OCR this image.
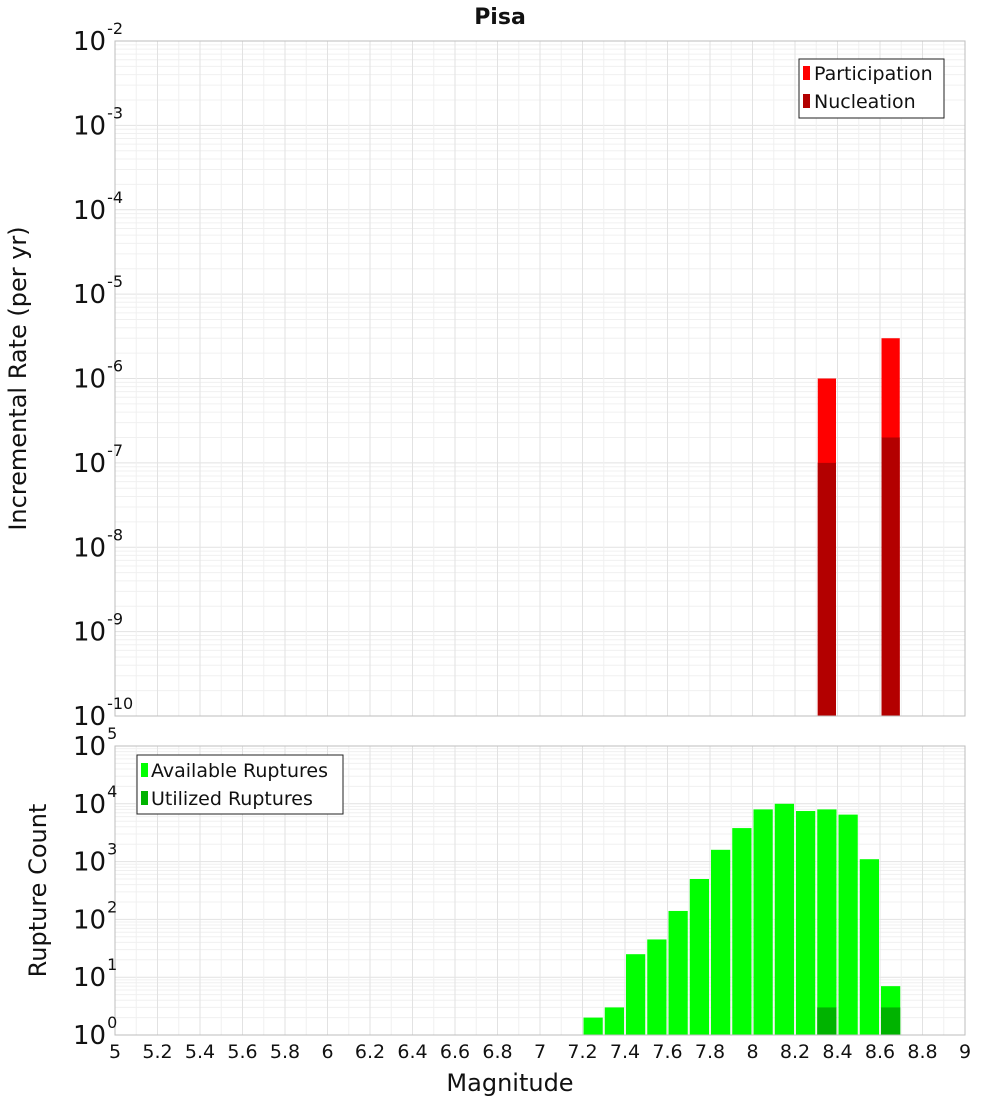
Pisa
$10^{-10}$
$10^{-9}$
$10^{-8}$
$10^{-7}$
$10^{-6}$
$10^{-5}$
$10^{-4}$
$10^{-3}$
$10^{-2}$
Incremental Rate (per yr)
Participation
Nucleation
$10^0$
$10^1$
$10^2$
$10^3$
$10^4$
$10^5$
5 5.2 5.4 5.6 5.8 6 6.2 6.4 6.6 6.8 7 7.2 7.4 7.6 7.8 8 8.2 8.4 8.6 8.8 9
Rupture Count
Magnitude
Available Ruptures
Utilized Ruptures
